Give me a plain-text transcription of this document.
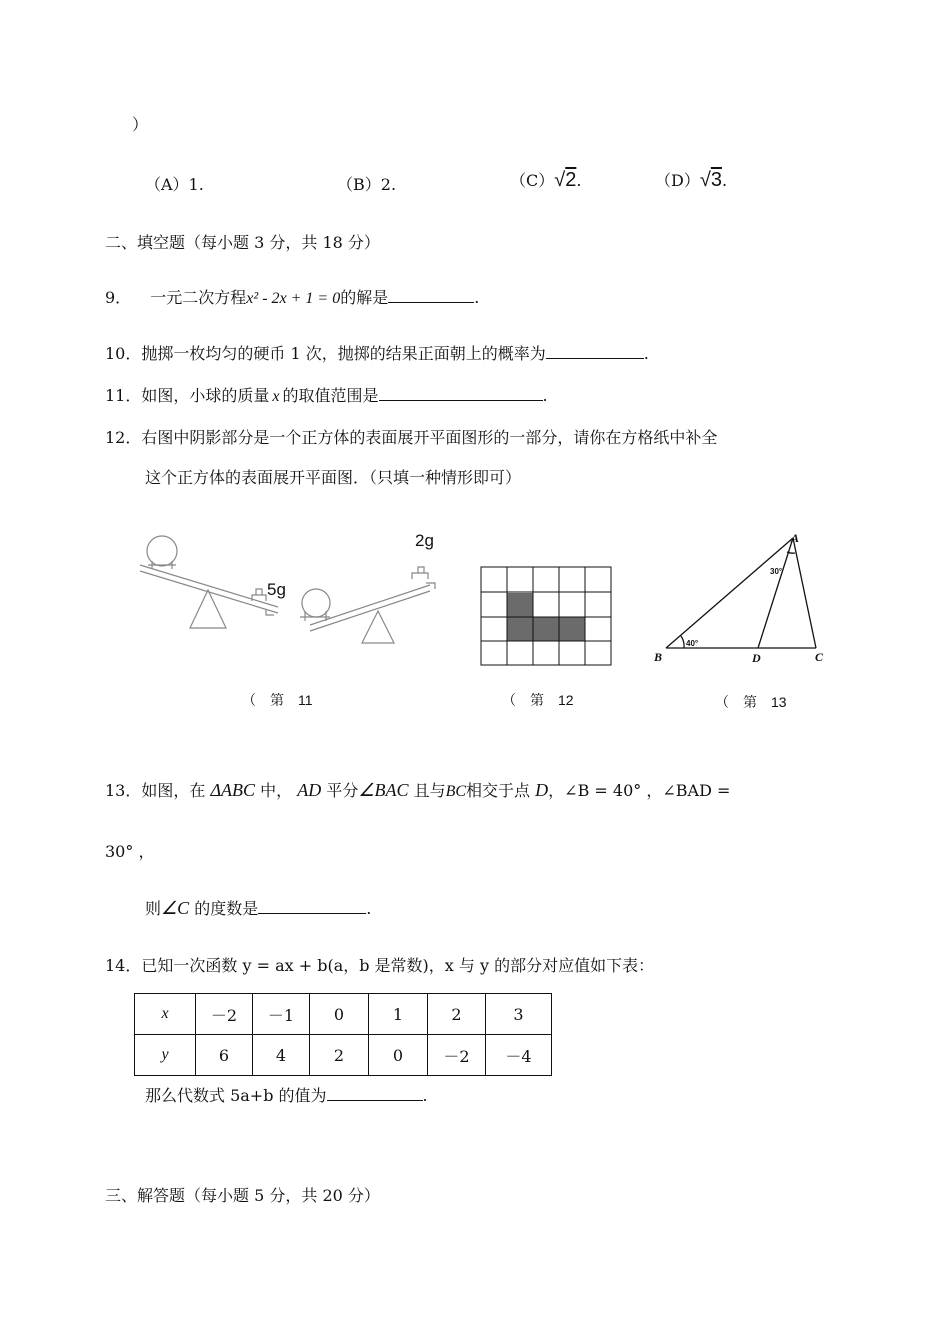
）
（A）1.	（B）2.	（C）√2.	（D）√3.
二、填空题（每小题 3 分，共 18 分）
9． 一元二次方程x² - 2x + 1 = 0的解是	.
10．抛掷一枚均匀的硬币 1 次，抛掷的结果正面朝上的概率为	.
11．如图，小球的质量 x 的取值范围是	.
12．右图中阴影部分是一个正方体的表面展开平面图形的一部分，请你在方格纸中补全
这个正方体的表面展开平面图．（只填一种情形即可）
2g
5g
（　第　11	（　第　12
A
B	C
D
30°
40°
（　第　13
13．如图，在 ΔABC 中， AD 平分∠BAC 且与BC相交于点 D，∠B = 40° ，∠BAD =
30° ，
则∠C 的度数是	.
14．已知一次函数 y = ax + b(a，b 是常数)，x 与 y 的部分对应值如下表：
x	－2	－1	0	1	2	3
y	6	4	2	0	－2	－4
那么代数式 5a+b 的值为	.
三、解答题（每小题 5 分，共 20 分）
